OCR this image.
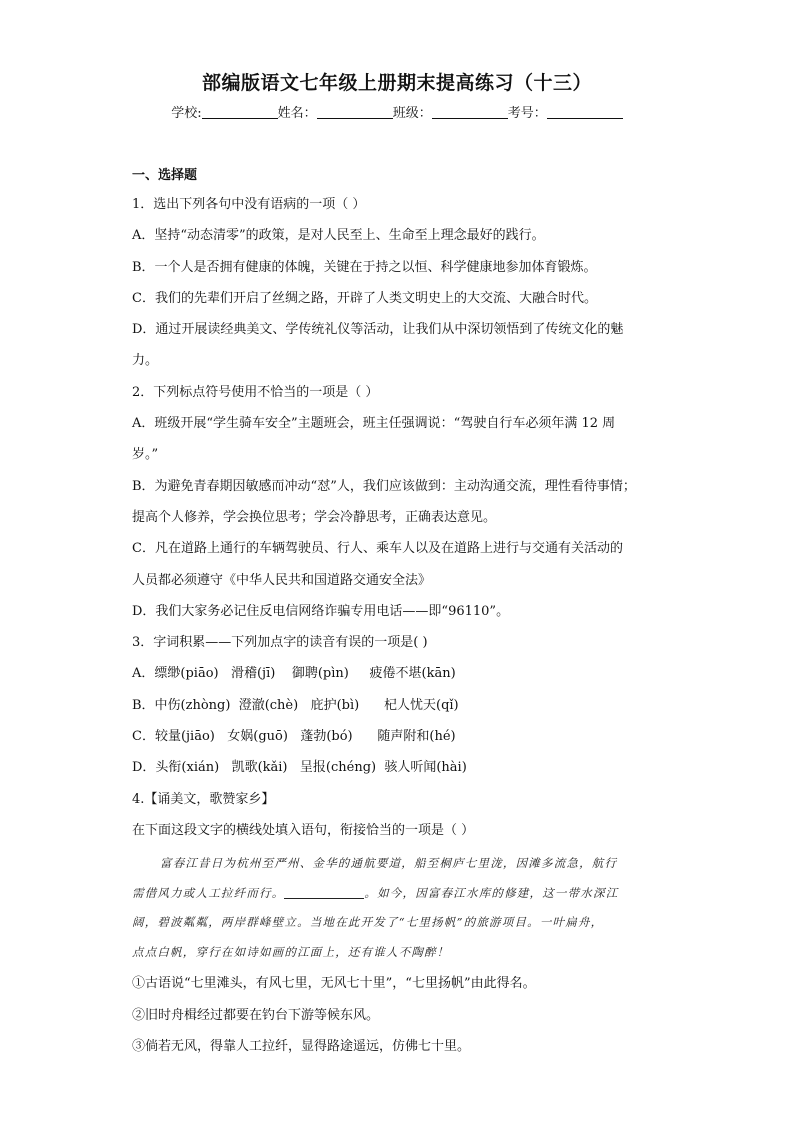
部编版语文七年级上册期末提高练习（十三）
学校:	姓名：	班级：	考号：
一、选择题
1．选出下列各句中没有语病的一项（ ）
A．坚持“动态清零”的政策，是对人民至上、生命至上理念最好的践行。
B．一个人是否拥有健康的体魄，关键在于持之以恒、科学健康地参加体育锻炼。
C．我们的先辈们开启了丝绸之路，开辟了人类文明史上的大交流、大融合时代。
D．通过开展读经典美文、学传统礼仪等活动，让我们从中深切领悟到了传统文化的魅
力。
2．下列标点符号使用不恰当的一项是（ ）
A．班级开展“学生骑车安全”主题班会，班主任强调说：“驾驶自行车必须年满 12 周
岁。”
B．为避免青春期因敏感而冲动“怼”人，我们应该做到：主动沟通交流，理性看待事情；
提高个人修养，学会换位思考；学会冷静思考，正确表达意见。
C．凡在道路上通行的车辆驾驶员、行人、乘车人以及在道路上进行与交通有关活动的
人员都必须遵守《中华人民共和国道路交通安全法》
D．我们大家务必记住反电信网络诈骗专用电话——即“96110”。
3．字词积累——下列加点字的读音有误的一项是( )
A．缥缈(piāo)   滑稽(jī)    御聘(pìn)     疲倦不堪(kān)
B．中伤(zhòng)  澄澈(chè)   庇护(bì)      杞人忧天(qǐ)
C．较量(jiāo)   女娲(guō)   蓬勃(bó)      随声附和(hé)
D．头衔(xián)   凯歌(kǎi)   呈报(chéng)  骇人听闻(hài)
4.【诵美文，歌赞家乡】
在下面这段文字的横线处填入语句，衔接恰当的一项是（ ）
富春江昔日为杭州至严州、金华的通航要道，船至桐庐七里泷，因滩多流急，航行
需借风力或人工拉纤而行。	。如今，因富春江水库的修建，这一带水深江
阔，碧波粼粼，两岸群峰壁立。当地在此开发了“七里扬帆”的旅游项目。一叶扁舟，
点点白帆，穿行在如诗如画的江面上，还有谁人不陶醉！
①古语说“七里滩头，有风七里，无风七十里”，“七里扬帆”由此得名。
②旧时舟楫经过都要在钓台下游等候东风。
③倘若无风，得靠人工拉纤，显得路途遥远，仿佛七十里。
